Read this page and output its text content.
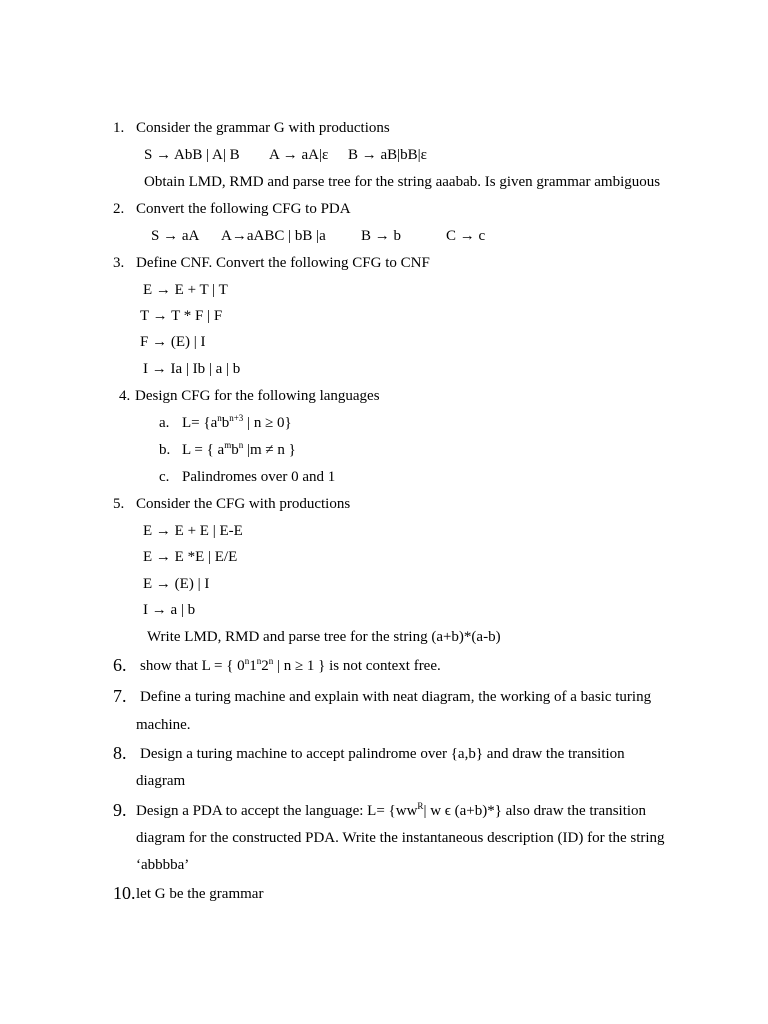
1. Consider the grammar G with productions
S → AbB | A| B A → aA|ε B → aB|bB|ε
Obtain LMD, RMD and parse tree for the string aaabab. Is given grammar ambiguous
2. Convert the following CFG to PDA
S → aA A→aABC | bB |a B → b	C → c
3. Define CNF. Convert the following CFG to CNF
E → E + T | T
T → T * F | F
F → (E) | I
I → Ia | Ib | a | b
4. Design CFG for the following languages
a. $L= \{a^nb^{n+3}$ | n ≥ 0}
b. L = { $a^mb^n$ |m ≠ n }
c. Palindromes over 0 and 1
5. Consider the CFG with productions
E → E + E | E-E
E → E *E | E/E
E → (E) | I
I → a | b
Write LMD, RMD and parse tree for the string (a+b)*(a-b)
6. show that L = { 0$^n$1$^n$2$^n$ | n ≥ 1 } is not context free.
7. Define a turing machine and explain with neat diagram, the working of a basic turing
machine.
8. Design a turing machine to accept palindrome over {a,b} and draw the transition
diagram
9. Design a PDA to accept the language: $L= \{ww^R|$ w ϵ (a+b)*} also draw the transition
diagram for the constructed PDA. Write the instantaneous description (ID) for the string
‘abbbba’
10. let G be the grammar
